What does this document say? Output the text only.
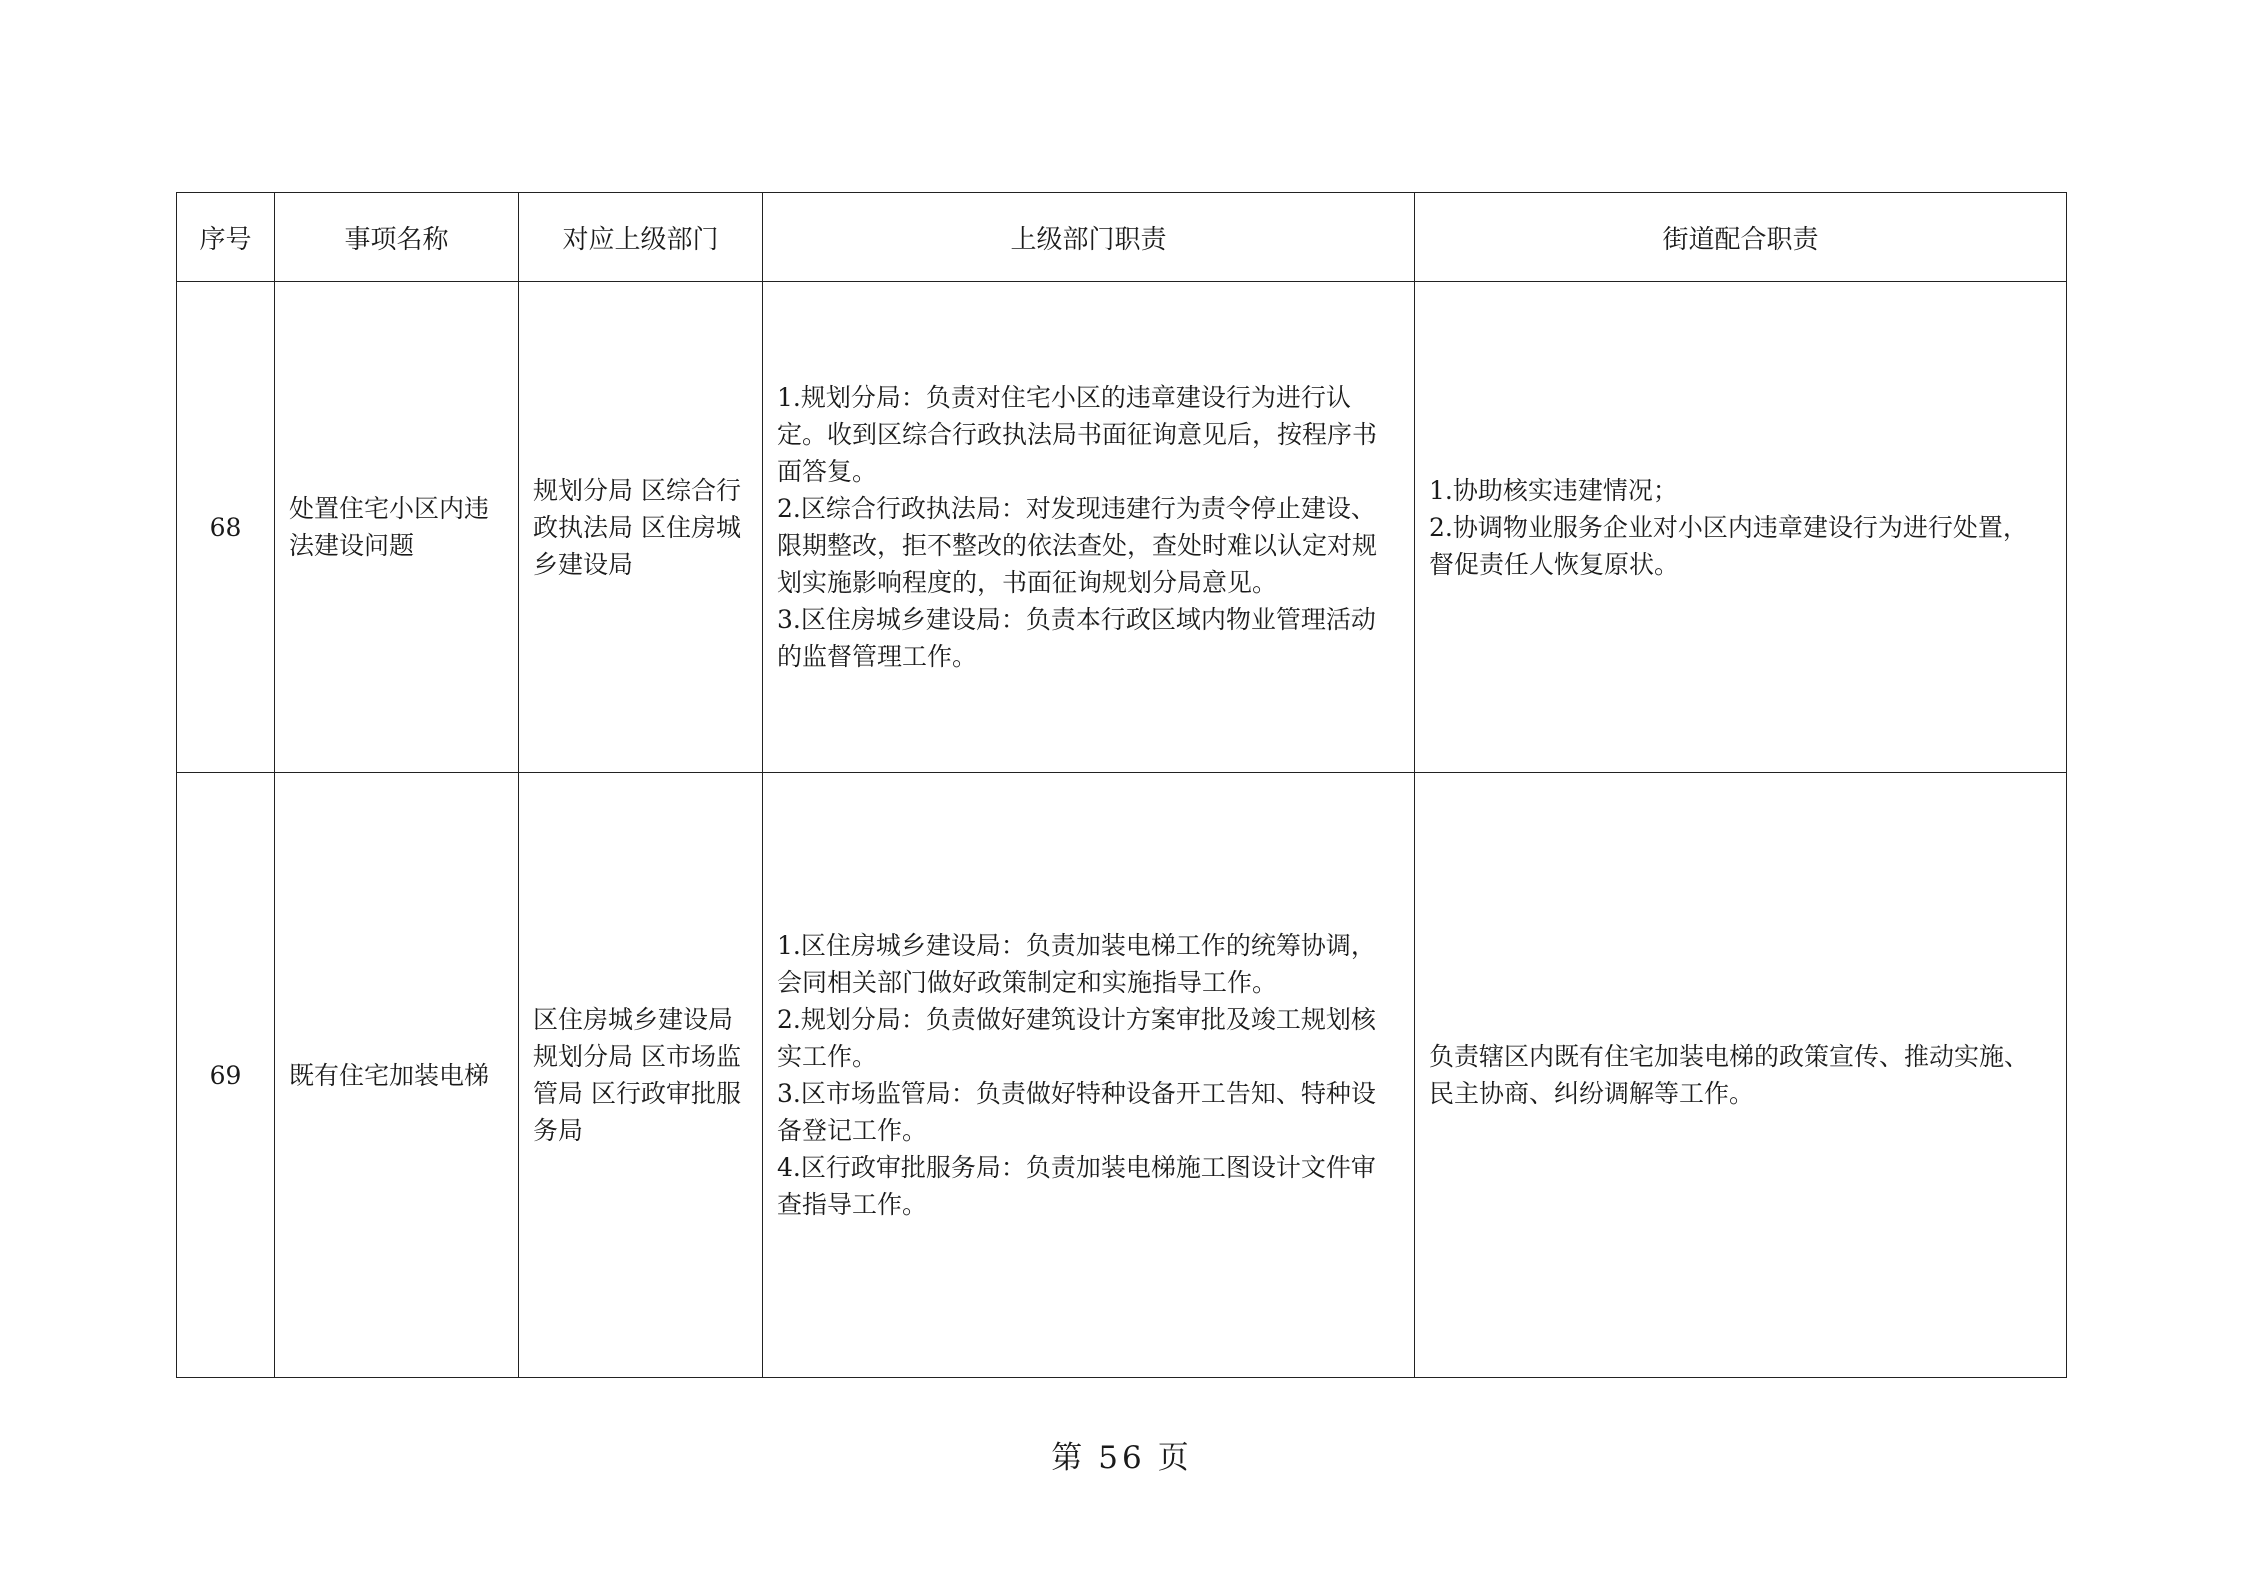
序号	事项名称	对应上级部门	上级部门职责	街道配合职责
68	处置住宅小区内违法建设问题	规划分局 区综合行政执法局 区住房城乡建设局	1.规划分局：负责对住宅小区的违章建设行为进行认定。收到区综合行政执法局书面征询意见后，按程序书面答复。
2.区综合行政执法局：对发现违建行为责令停止建设、限期整改，拒不整改的依法查处，查处时难以认定对规划实施影响程度的，书面征询规划分局意见。
3.区住房城乡建设局：负责本行政区域内物业管理活动的监督管理工作。	1.协助核实违建情况；
2.协调物业服务企业对小区内违章建设行为进行处置，督促责任人恢复原状。

69	既有住宅加装电梯	区住房城乡建设局 规划分局 区市场监管局 区行政审批服务局	1.区住房城乡建设局：负责加装电梯工作的统筹协调，会同相关部门做好政策制定和实施指导工作。
2.规划分局：负责做好建筑设计方案审批及竣工规划核实工作。
3.区市场监管局：负责做好特种设备开工告知、特种设备登记工作。
4.区行政审批服务局：负责加装电梯施工图设计文件审查指导工作。	负责辖区内既有住宅加装电梯的政策宣传、推动实施、民主协商、纠纷调解等工作。
第 56 页
